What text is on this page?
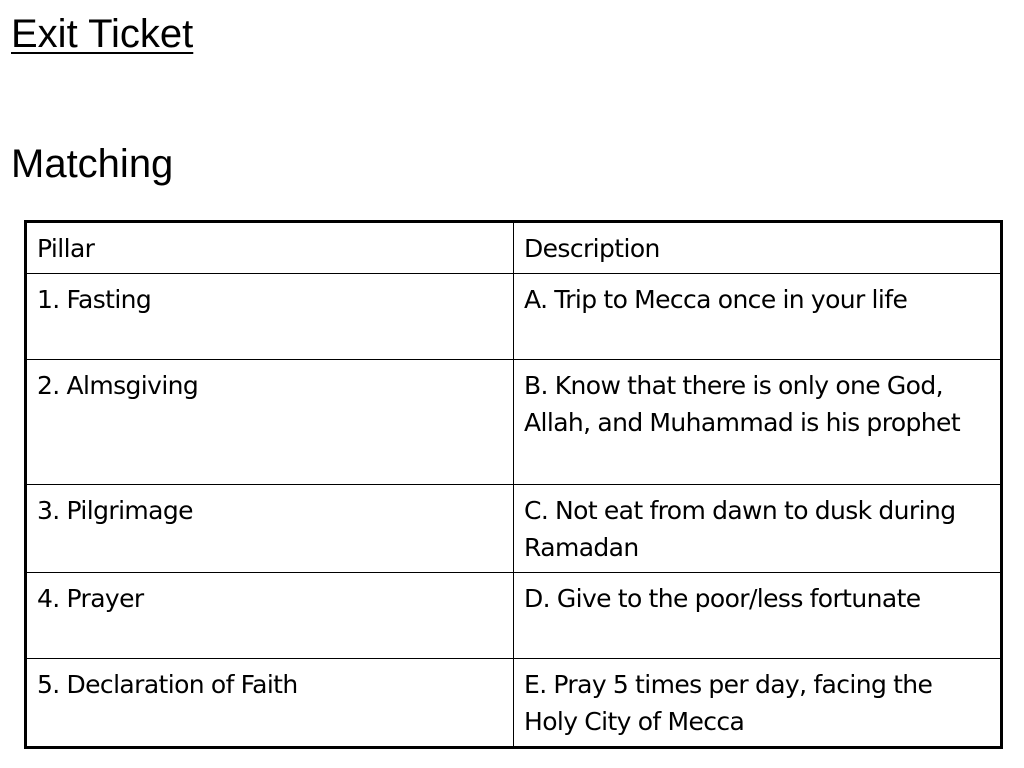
Exit Ticket
Matching
Pillar	Description
1. Fasting	A. Trip to Mecca once in your life
2. Almsgiving	B. Know that there is only one God, Allah, and Muhammad is his prophet
3. Pilgrimage	C. Not eat from dawn to dusk during Ramadan
4. Prayer	D. Give to the poor/less fortunate
5. Declaration of Faith	E. Pray 5 times per day, facing the Holy City of Mecca
